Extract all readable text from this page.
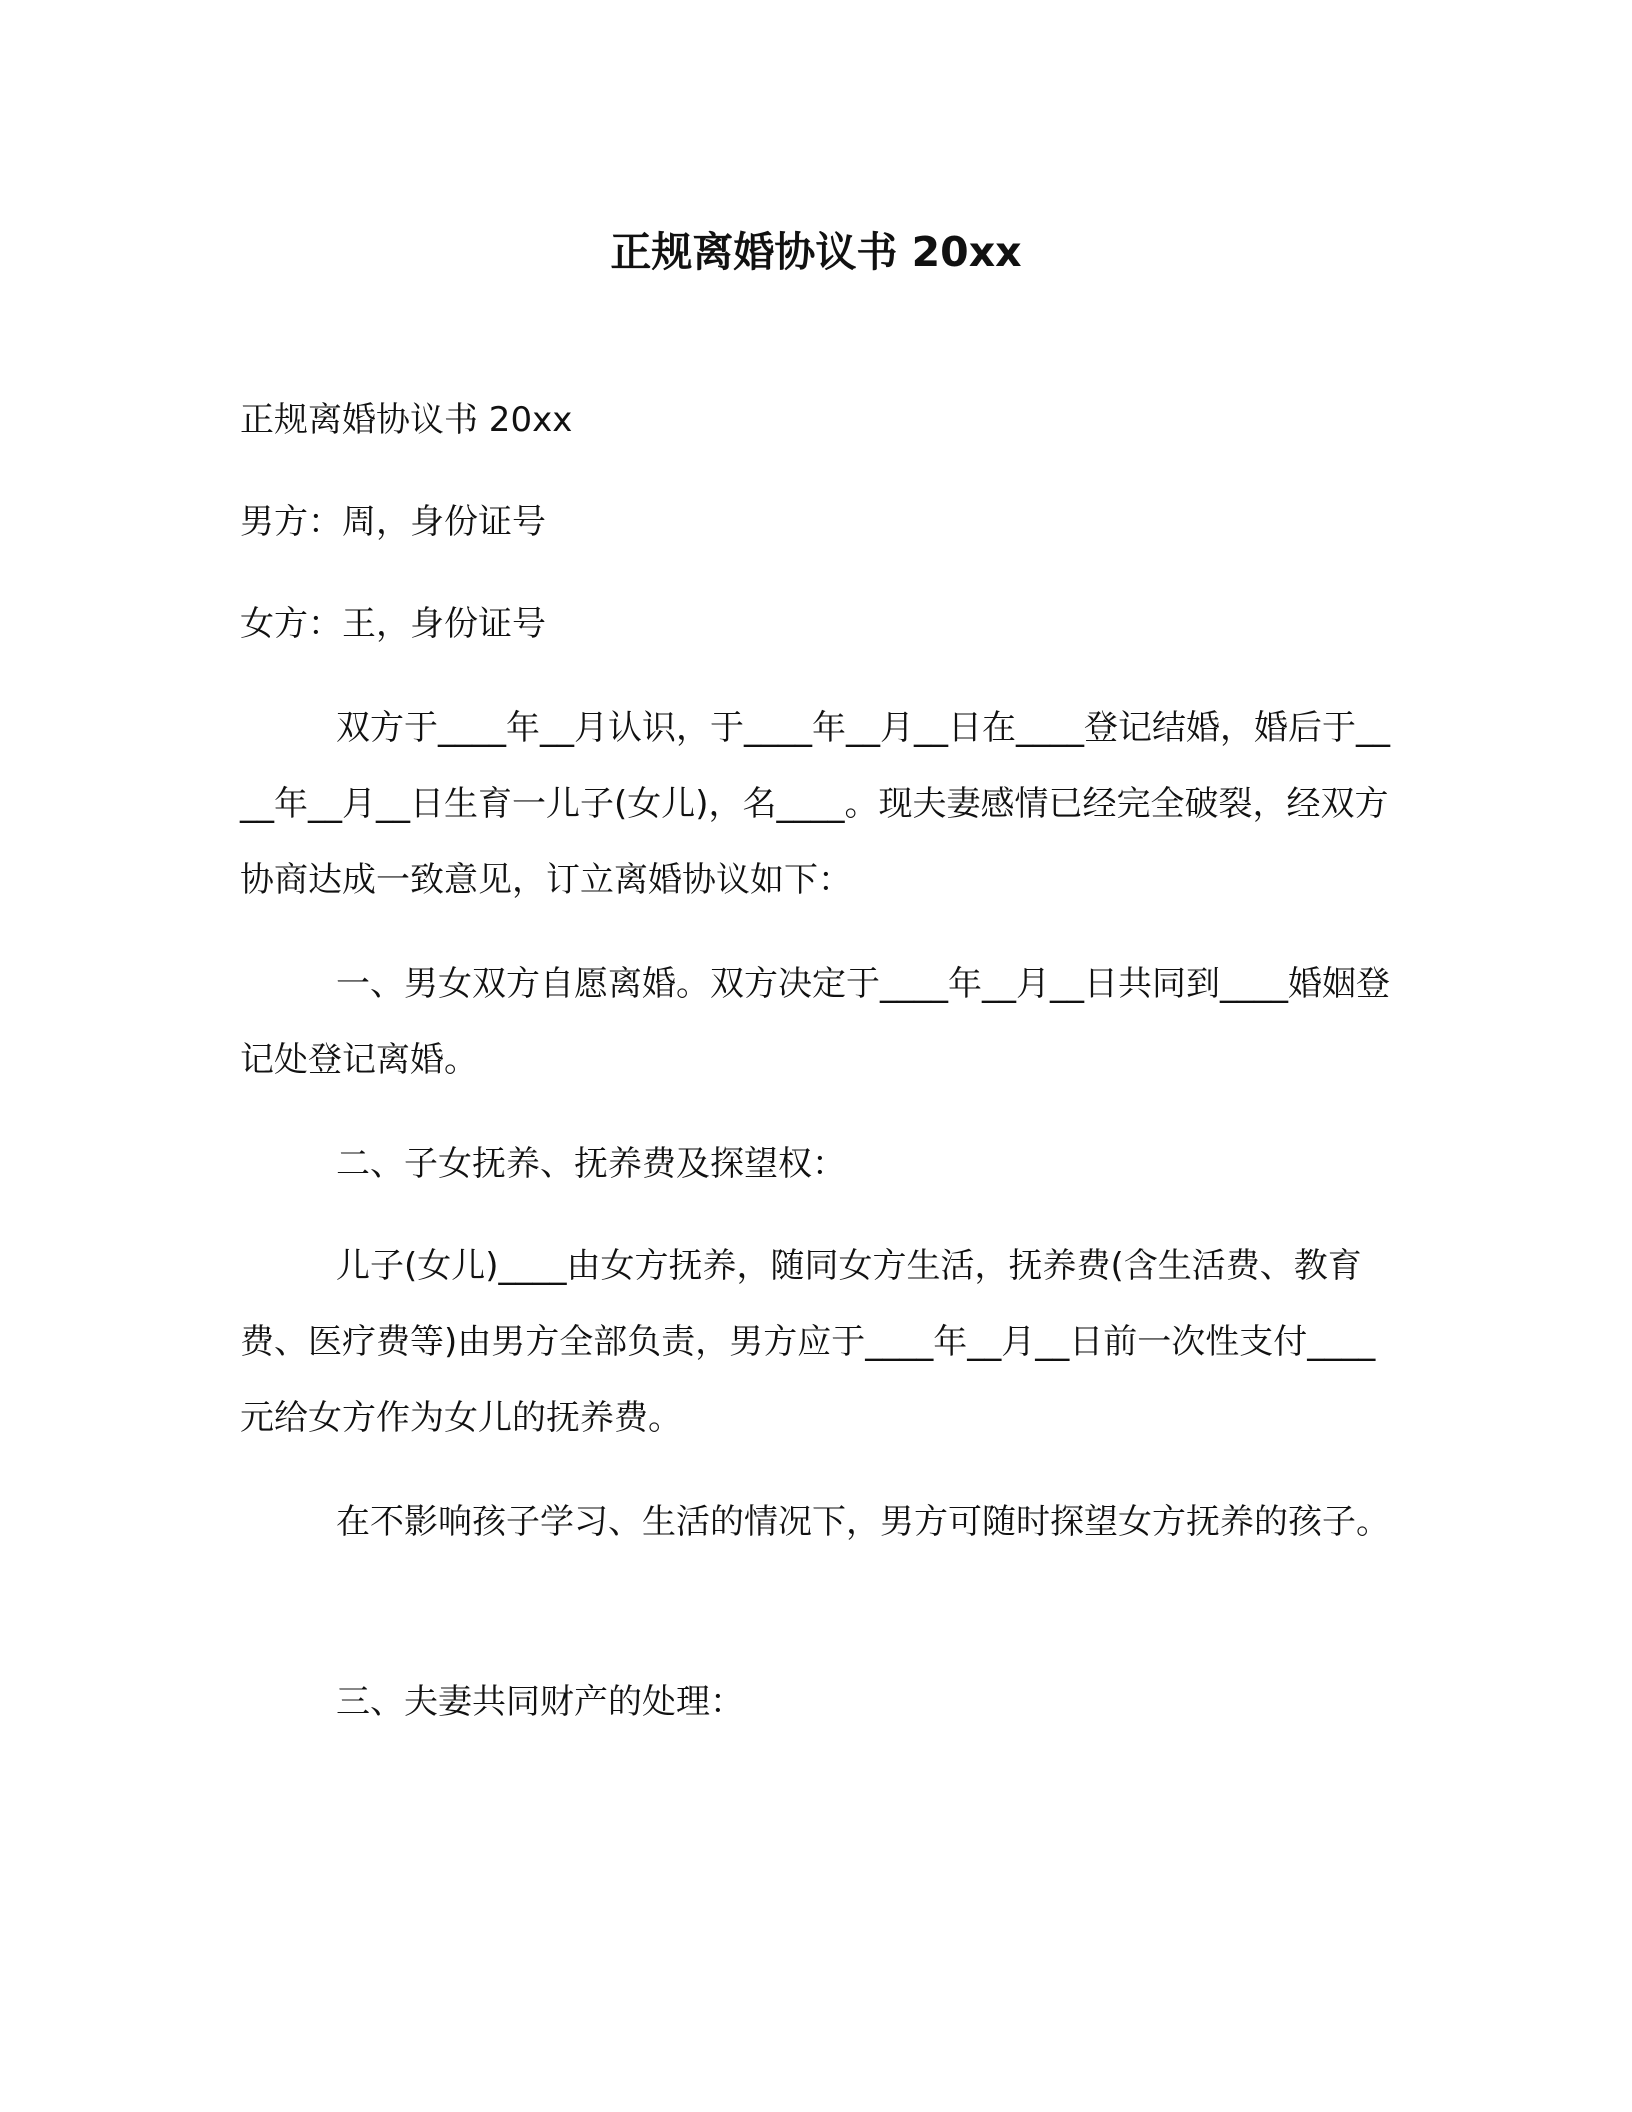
正规离婚协议书 20xx

正规离婚协议书 20xx

男方：周，身份证号

女方：王，身份证号

双方于____年__月认识，于____年__月__日在____登记结婚，婚后于____年__月__日生育一儿子(女儿)，名____。现夫妻感情已经完全破裂，经双方协商达成一致意见，订立离婚协议如下：

一、男女双方自愿离婚。双方决定于____年__月__日共同到____婚姻登记处登记离婚。

二、子女抚养、抚养费及探望权：

儿子(女儿)____由女方抚养，随同女方生活，抚养费(含生活费、教育费、医疗费等)由男方全部负责，男方应于____年__月__日前一次性支付____元给女方作为女儿的抚养费。

在不影响孩子学习、生活的情况下，男方可随时探望女方抚养的孩子。

三、夫妻共同财产的处理：
